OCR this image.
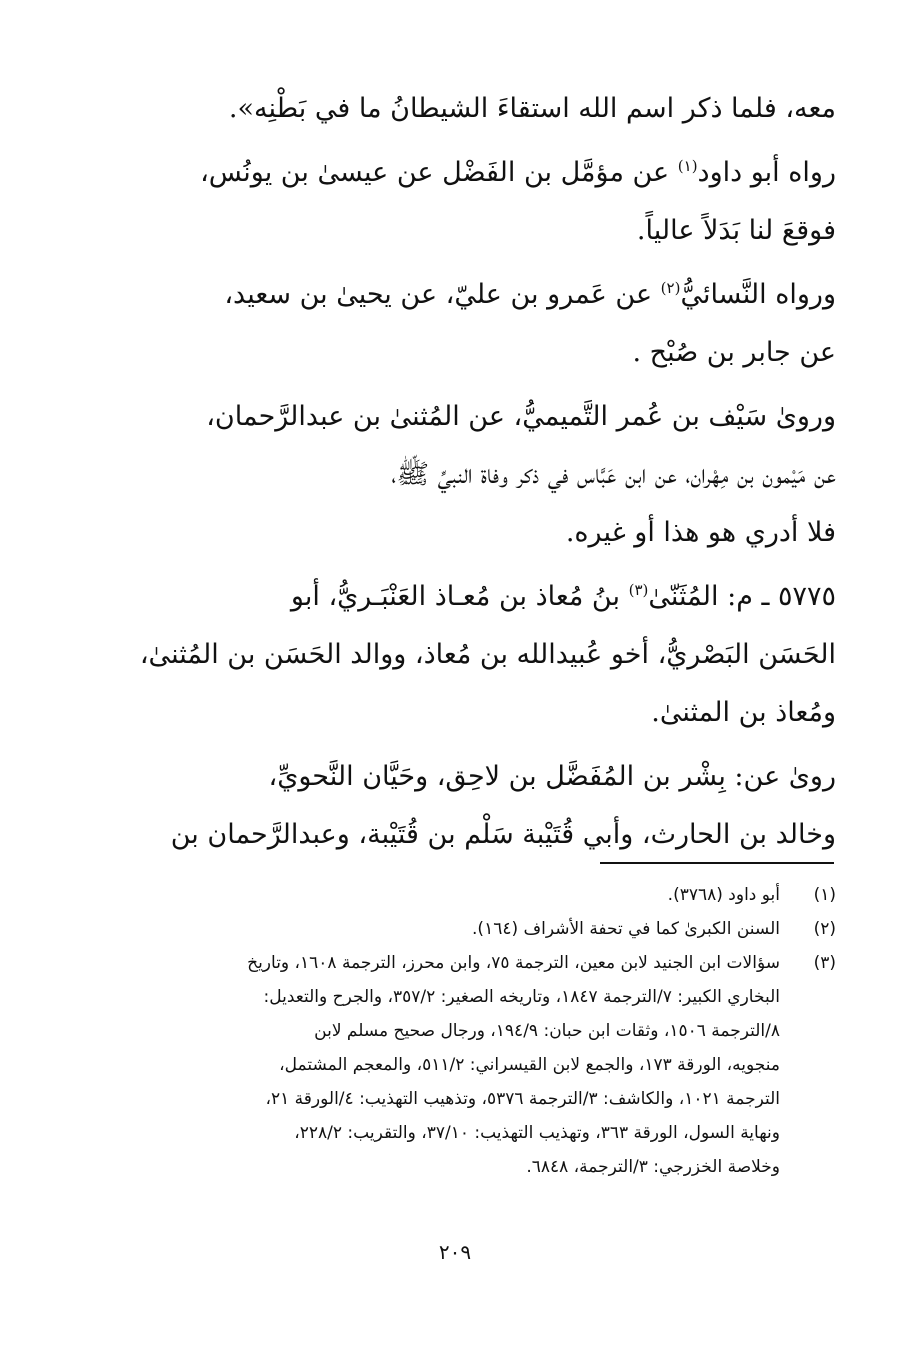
معه، فلما ذكر اسم الله استقاءَ الشيطانُ ما في بَطْنِه».

رواه أبو داود$^{(١)}$ عن مؤمَّل بن الفَضْل عن عيسىٰ بن يونُس،
فوقعَ لنا بَدَلاً عالياً.

ورواه النَّسائيُّ$^{(٢)}$ عن عَمرو بن عليّ، عن يحيىٰ بن سعيد،
عن جابر بن صُبْح .

ورویٰ سَيْف بن عُمر التَّميميُّ، عن المُثنىٰ بن عبدالرَّحمان،
عن مَيْمون بن مِهْران، عن ابن عَبَّاس في ذكر وفاة النبيِّ ﷺ،
فلا أدري هو هذا أو غيره.

٥٧٧٥ ـ م: المُثَنّىٰ$^{(٣)}$ بنُ مُعاذ بن مُعـاذ العَنْبَـريُّ، أبو
الحَسَن البَصْريُّ، أخو عُبيدالله بن مُعاذ، ووالد الحَسَن بن المُثنىٰ،
ومُعاذ بن المثنىٰ.

رویٰ عن: بِشْر بن المُفَضَّل بن لاحِق، وحَيَّان النَّحويِّ،
وخالد بن الحارث، وأبي قُتَيْبة سَلْم بن قُتَيْبة، وعبدالرَّحمان بن

(١)
أبو داود (٣٧٦٨).
(٢)
السنن الكبرىٰ كما في تحفة الأشراف (١٦٤).
(٣)
سؤالات ابن الجنيد لابن معين، الترجمة ٧٥، وابن محرز، الترجمة ١٦٠٨، وتاريخ
البخاري الكبير: ٧/الترجمة ١٨٤٧، وتاريخه الصغير: ٣٥٧/٢، والجرح والتعديل:
٨/الترجمة ١٥٠٦، وثقات ابن حبان: ١٩٤/٩، ورجال صحيح مسلم لابن
منجويه، الورقة ١٧٣، والجمع لابن القيسراني: ٥١١/٢، والمعجم المشتمل،
الترجمة ١٠٢١، والكاشف: ٣/الترجمة ٥٣٧٦، وتذهيب التهذيب: ٤/الورقة ٢١،
ونهاية السول، الورقة ٣٦٣، وتهذيب التهذيب: ٣٧/١٠، والتقريب: ٢٢٨/٢،
وخلاصة الخزرجي: ٣/الترجمة، ٦٨٤٨.
٢٠٩
